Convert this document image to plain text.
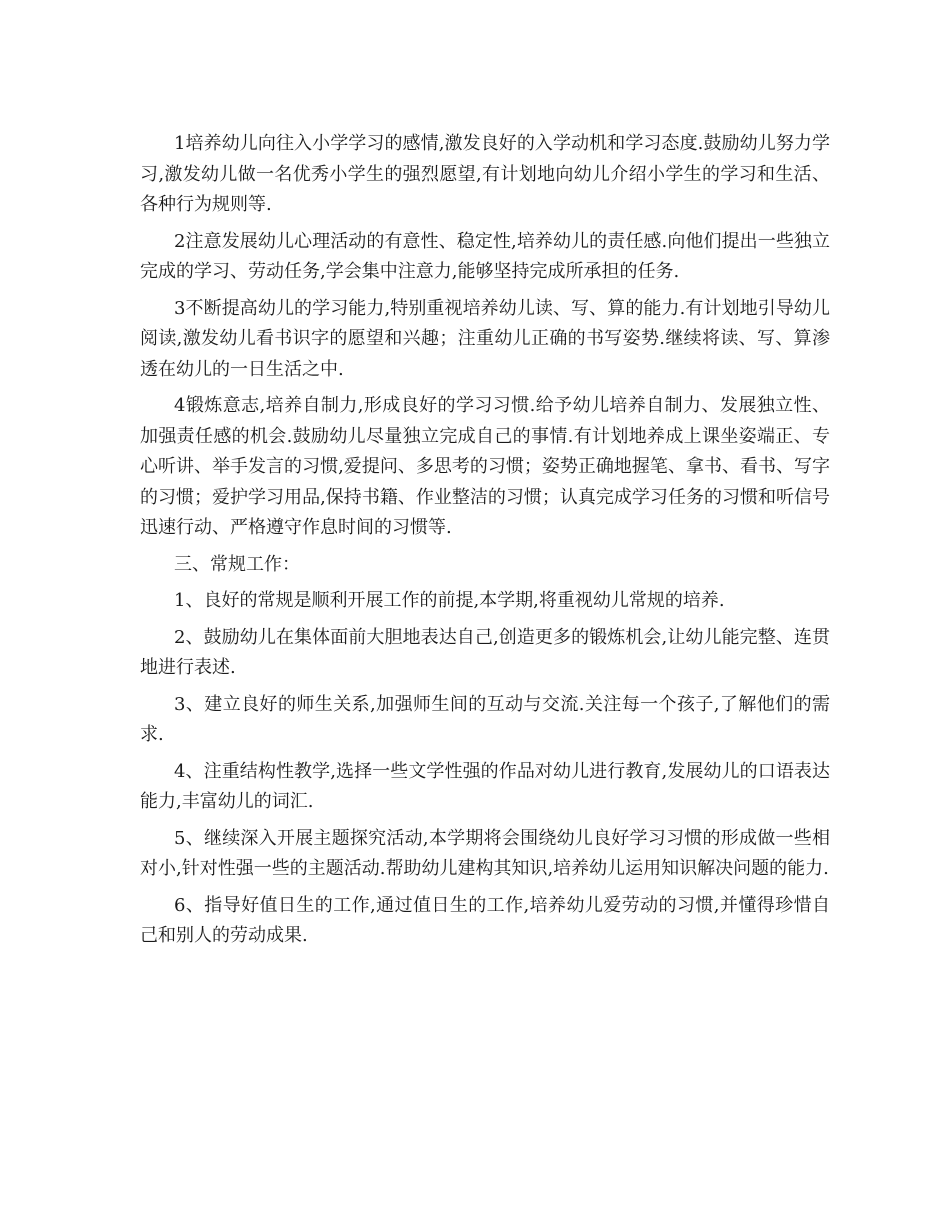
1培养幼儿向往入小学学习的感情,激发良好的入学动机和学习态度.鼓励幼儿努力学习,激发幼儿做一名优秀小学生的强烈愿望,有计划地向幼儿介绍小学生的学习和生活、各种行为规则等.

2注意发展幼儿心理活动的有意性、稳定性,培养幼儿的责任感.向他们提出一些独立完成的学习、劳动任务,学会集中注意力,能够坚持完成所承担的任务.

3不断提高幼儿的学习能力,特别重视培养幼儿读、写、算的能力.有计划地引导幼儿阅读,激发幼儿看书识字的愿望和兴趣；注重幼儿正确的书写姿势.继续将读、写、算渗透在幼儿的一日生活之中.

4锻炼意志,培养自制力,形成良好的学习习惯.给予幼儿培养自制力、发展独立性、加强责任感的机会.鼓励幼儿尽量独立完成自己的事情.有计划地养成上课坐姿端正、专心听讲、举手发言的习惯,爱提问、多思考的习惯；姿势正确地握笔、拿书、看书、写字的习惯；爱护学习用品,保持书籍、作业整洁的习惯；认真完成学习任务的习惯和听信号迅速行动、严格遵守作息时间的习惯等.

三、常规工作：

1、良好的常规是顺利开展工作的前提,本学期,将重视幼儿常规的培养.

2、鼓励幼儿在集体面前大胆地表达自己,创造更多的锻炼机会,让幼儿能完整、连贯地进行表述.

3、建立良好的师生关系,加强师生间的互动与交流.关注每一个孩子,了解他们的需求.

4、注重结构性教学,选择一些文学性强的作品对幼儿进行教育,发展幼儿的口语表达能力,丰富幼儿的词汇.

5、继续深入开展主题探究活动,本学期将会围绕幼儿良好学习习惯的形成做一些相对小,针对性强一些的主题活动.帮助幼儿建构其知识,培养幼儿运用知识解决问题的能力.

6、指导好值日生的工作,通过值日生的工作,培养幼儿爱劳动的习惯,并懂得珍惜自己和别人的劳动成果.
